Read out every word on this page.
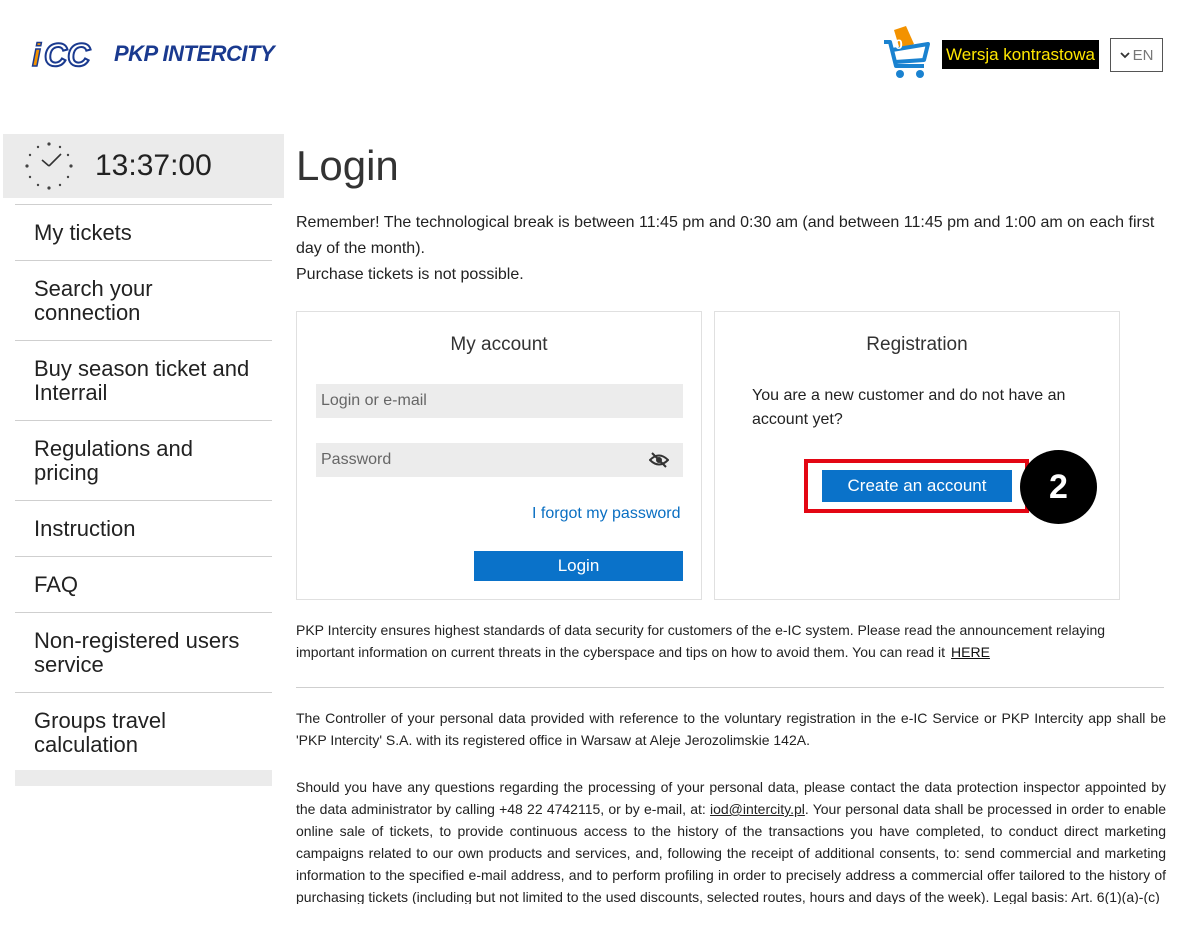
i CC PKP INTERCITY	0
Wersja kontrastowa	EN
13:37:00
My tickets
Search your connection
Buy season ticket and Interrail
Regulations and pricing
Instruction
FAQ
Non-registered users service
Groups travel calculation
Login
Remember! The technological break is between 11:45 pm and 0:30 am (and between 11:45 pm and 1:00 am on each first day of the month).
Purchase tickets is not possible.
My account
Login or e-mail
I forgot my password
Login
Registration
You are a new customer and do not have an account yet?
Create an account	2
PKP Intercity ensures highest standards of data security for customers of the e-IC system. Please read the announcement relaying important information on current threats in the cyberspace and tips on how to avoid them. You can read it HERE
The Controller of your personal data provided with reference to the voluntary registration in the e-IC Service or PKP Intercity app shall be 'PKP Intercity' S.A. with its registered office in Warsaw at Aleje Jerozolimskie 142A.
Should you have any questions regarding the processing of your personal data, please contact the data protection inspector appointed by the data administrator by calling +48 22 4742115, or by e-mail, at: iod@intercity.pl. Your personal data shall be processed in order to enable online sale of tickets, to provide continuous access to the history of the transactions you have completed, to conduct direct marketing campaigns related to our own products and services, and, following the receipt of additional consents, to: send commercial and marketing information to the specified e-mail address, and to perform profiling in order to precisely address a commercial offer tailored to the history of purchasing tickets (including but not limited to the used discounts, selected routes, hours and days of the week). Legal basis: Art. 6(1)(a)-(c)
